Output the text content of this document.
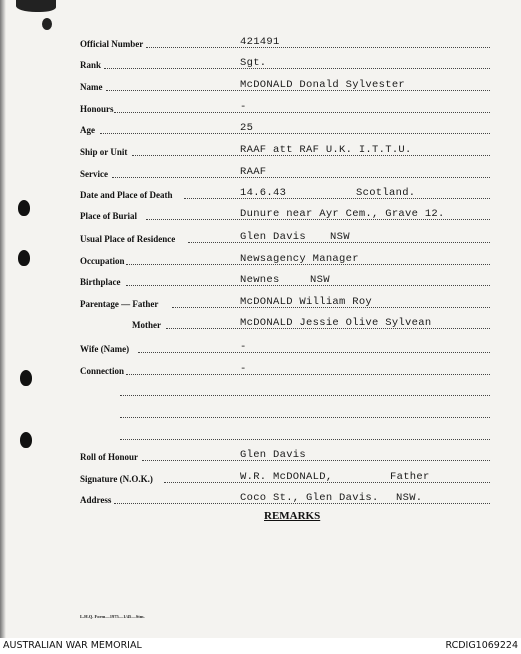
Official Number	421491
Rank	Sgt.
Name	McDONALD Donald Sylvester
Honours	-
Age	25
Ship or Unit	RAAF att RAF U.K. I.T.T.U.
Service	RAAF
Date and Place of Death	14.6.43	Scotland.
Place of Burial	Dunure near Ayr Cem., Grave 12.
Usual Place of Residence	Glen Davis NSW
Occupation	Newsagency Manager
Birthplace	Newnes	NSW
Parentage — Father	McDONALD William Roy
Mother	McDONALD Jessie Olive Sylvean
Wife (Name)	-
Connection	-
Roll of Honour	Glen Davis
Signature (N.O.K.)	W.R. McDONALD,	Father
Address	Coco St., Glen Davis. NSW.
REMARKS
L.H.Q. Form—1975—1/45—Stm.
AUSTRALIAN WAR MEMORIAL	RCDIG1069224
